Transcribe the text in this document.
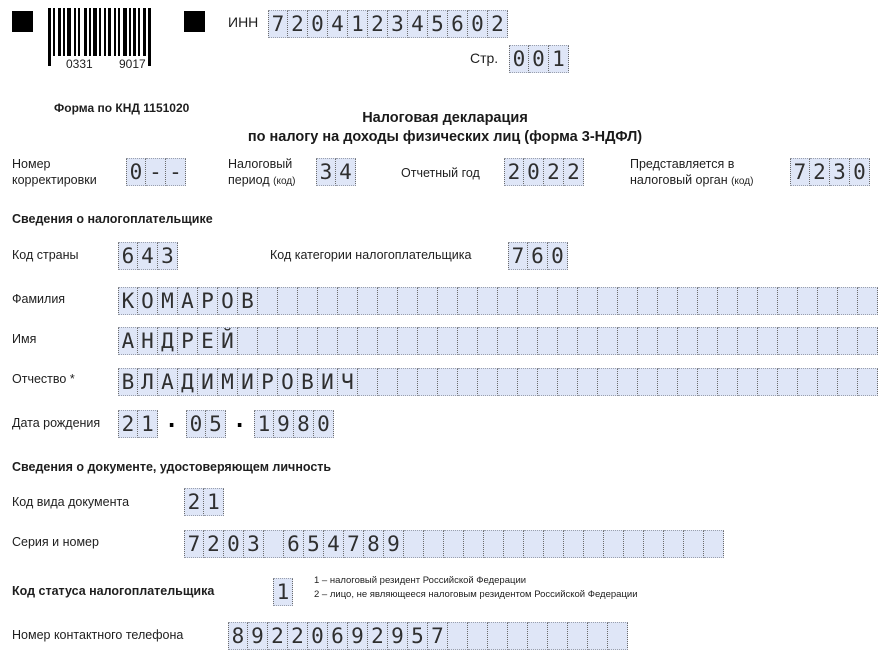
0331 9017
ИНН 7 2 0 4 1 2 3 4 5 6 0 2
Стр. 0 0 1
Форма по КНД 1151020
Налоговая декларация
по налогу на доходы физических лиц (форма 3-НДФЛ)
Номер
корректировки 0 - -	Налоговый
период (код) 3 4	Отчетный год 2 0 2 2	Представляется в
налоговый орган (код) 7 2 3 0
Сведения о налогоплательщике
Код страны 6 4 3	Код категории налогоплательщика 7 6 0
Фамилия	К О М А Р О В
Имя	А Н Д Р Е Й
Отчество * В Л А Д И М И Р О В И Ч
Дата рождения 2 1 . 0 5 . 1 9 8 0
Сведения о документе, удостоверяющем личность
Код вида документа	2 1
Серия и номер	7 2 0 3 6 5 4 7 8 9
Код статуса налогоплательщика	1	1 – налоговый резидент Российской Федерации
2 – лицо, не являющееся налоговым резидентом Российской Федерации
Номер контактного телефона 8 9 2 2 0 6 9 2 9 5 7
